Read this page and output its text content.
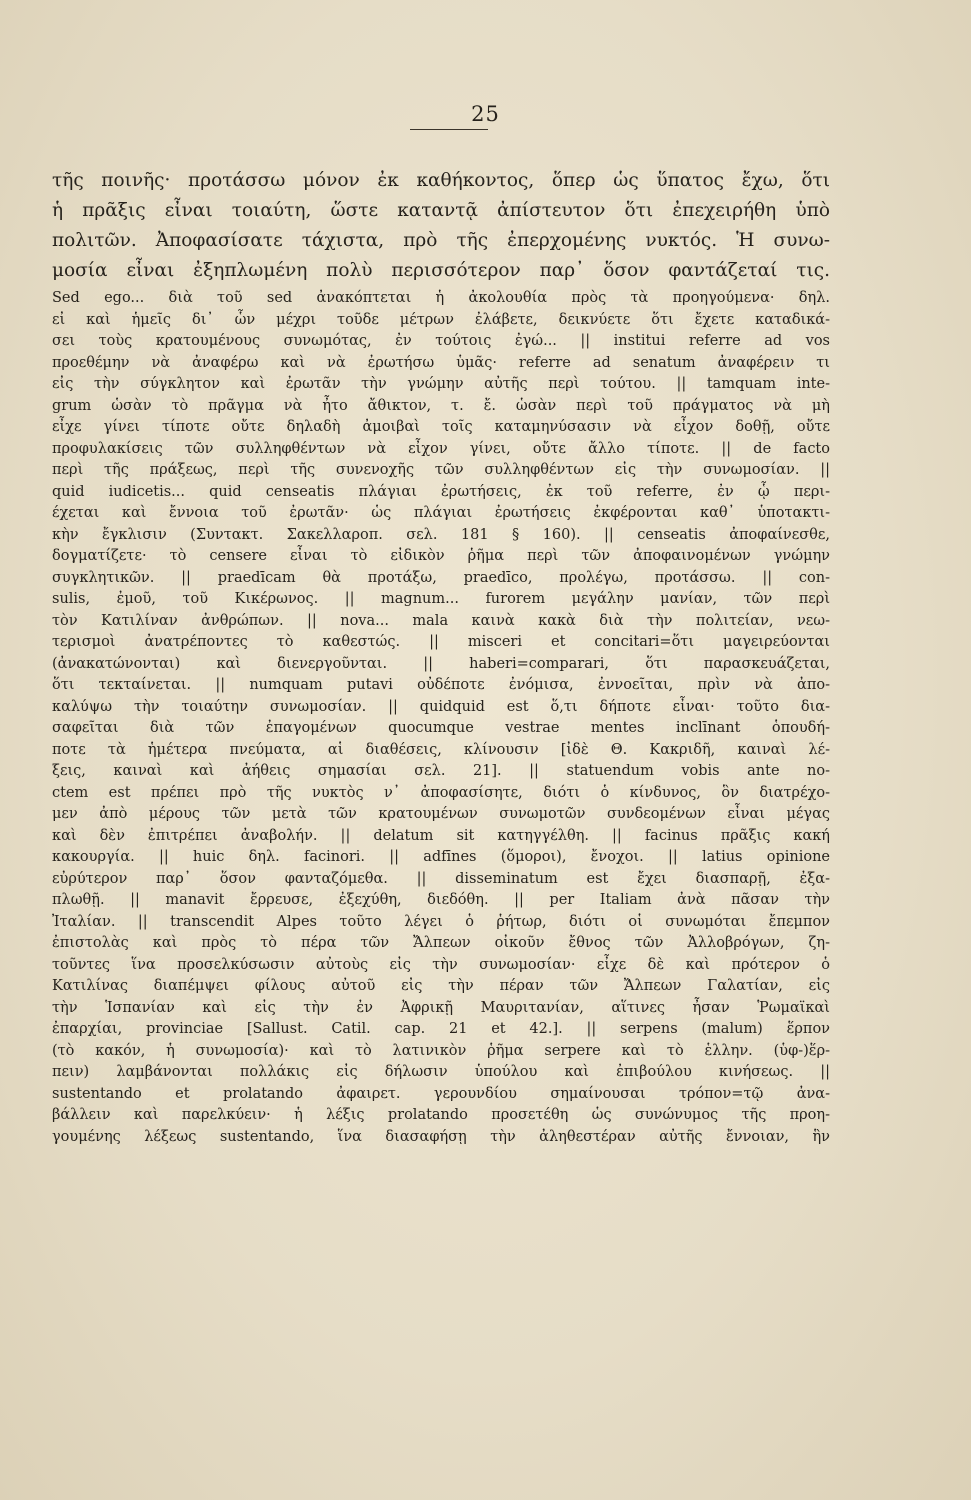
25
τῆς ποινῆς· προτάσσω μόνον ἐκ καθήκοντος, ὅπερ ὡς ὕπατος ἔχω, ὅτι
ἡ πρᾶξις εἶναι τοιαύτη, ὥστε καταντᾷ ἀπίστευτον ὅτι ἐπεχειρήθη ὑπὸ
πολιτῶν. Ἀποφασίσατε τάχιστα, πρὸ τῆς ἐπερχομένης νυκτός. Ἡ συνω-
μοσία εἶναι ἐξηπλωμένη πολὺ περισσότερον παρ᾽ ὅσον φαντάζεταί τις.
Sed ego... διὰ τοῦ sed ἀνακόπτεται ἡ ἀκολουθία πρὸς τὰ προηγούμενα· δηλ.
εἰ καὶ ἡμεῖς δι᾽ ὧν μέχρι τοῦδε μέτρων ἐλάβετε, δεικνύετε ὅτι ἔχετε καταδικά-
σει τοὺς κρατουμένους συνωμότας, ἐν τούτοις ἐγώ... || institui referre ad vos
προεθέμην νὰ ἀναφέρω καὶ νὰ ἐρωτήσω ὑμᾶς· referre ad senatum ἀναφέρειν τι
εἰς τὴν σύγκλητον καὶ ἐρωτᾶν τὴν γνώμην αὐτῆς περὶ τούτου. || tamquam inte-
grum ὡσὰν τὸ πρᾶγμα νὰ ἦτο ἄθικτον, τ. ἔ. ὡσὰν περὶ τοῦ πράγματος νὰ μὴ
εἶχε γίνει τίποτε οὔτε δηλαδὴ ἀμοιβαὶ τοῖς καταμηνύσασιν νὰ εἶχον δοθῇ, οὔτε
προφυλακίσεις τῶν συλληφθέντων νὰ εἶχον γίνει, οὔτε ἄλλο τίποτε. || de facto
περὶ τῆς πράξεως, περὶ τῆς συνενοχῆς τῶν συλληφθέντων εἰς τὴν συνωμοσίαν. ||
quid iudicetis... quid censeatis πλάγιαι ἐρωτήσεις, ἐκ τοῦ referre, ἐν ᾧ περι-
έχεται καὶ ἔννοια τοῦ ἐρωτᾶν· ὡς πλάγιαι ἐρωτήσεις ἐκφέρονται καθ᾽ ὑποτακτι-
κὴν ἔγκλισιν (Συντακτ. Σακελλαροπ. σελ. 181 § 160). || censeatis ἀποφαίνεσθε,
δογματίζετε· τὸ censere εἶναι τὸ εἰδικὸν ῥῆμα περὶ τῶν ἀποφαινομένων γνώμην
συγκλητικῶν. || praedīcam θὰ προτάξω, praedīco, προλέγω, προτάσσω. || con-
sulis, ἐμοῦ, τοῦ Κικέρωνος. || magnum... furorem μεγάλην μανίαν, τῶν περὶ
τὸν Κατιλίναν ἀνθρώπων. || nova... mala καινὰ κακὰ διὰ τὴν πολιτείαν, νεω-
τερισμοὶ ἀνατρέποντες τὸ καθεστώς. || misceri et concitari=ὅτι μαγειρεύονται
(ἀνακατώνονται) καὶ διενεργοῦνται. || haberi=comparari, ὅτι παρασκευάζεται,
ὅτι τεκταίνεται. || numquam putavi οὐδέποτε ἐνόμισα, ἐννοεῖται, πρὶν νὰ ἀπο-
καλύψω τὴν τοιαύτην συνωμοσίαν. || quidquid est ὅ,τι δήποτε εἶναι· τοῦτο δια-
σαφεῖται διὰ τῶν ἐπαγομένων quocumque vestrae mentes inclīnant ὁπουδή-
ποτε τὰ ἡμέτερα πνεύματα, αἱ διαθέσεις, κλίνουσιν [ἰδὲ Θ. Κακριδῆ, καιναὶ λέ-
ξεις, καιναὶ καὶ ἀήθεις σημασίαι σελ. 21]. || statuendum vobis ante no-
ctem est πρέπει πρὸ τῆς νυκτὸς ν᾽ ἀποφασίσητε, διότι ὁ κίνδυνος, ὃν διατρέχο-
μεν ἀπὸ μέρους τῶν μετὰ τῶν κρατουμένων συνωμοτῶν συνδεομένων εἶναι μέγας
καὶ δὲν ἐπιτρέπει ἀναβολήν. || delatum sit κατηγγέλθη. || facinus πρᾶξις κακή
κακουργία. || huic δηλ. facinori. || adfīnes (ὅμοροι), ἔνοχοι. || latius opinione
εὐρύτερον παρ᾽ ὅσον φανταζόμεθα. || disseminatum est ἔχει διασπαρῇ, ἐξα-
πλωθῇ. || manavit ἔρρευσε, ἐξεχύθη, διεδόθη. || per Italiam ἀνὰ πᾶσαν τὴν
Ἰταλίαν. || transcendit Alpes τοῦτο λέγει ὁ ῥήτωρ, διότι οἱ συνωμόται ἔπεμπον
ἐπιστολὰς καὶ πρὸς τὸ πέρα τῶν Ἄλπεων οἰκοῦν ἔθνος τῶν Ἀλλοβρόγων, ζη-
τοῦντες ἵνα προσελκύσωσιν αὐτοὺς εἰς τὴν συνωμοσίαν· εἶχε δὲ καὶ πρότερον ὁ
Κατιλίνας διαπέμψει φίλους αὐτοῦ εἰς τὴν πέραν τῶν Ἄλπεων Γαλατίαν, εἰς
τὴν Ἱσπανίαν καὶ εἰς τὴν ἐν Ἀφρικῇ Μαυριτανίαν, αἵτινες ἦσαν Ῥωμαϊκαὶ
ἐπαρχίαι, provinciae [Sallust. Catil. cap. 21 et 42.]. || serpens (malum) ἕρπον
(τὸ κακόν, ἡ συνωμοσία)· καὶ τὸ λατινικὸν ῥῆμα serpere καὶ τὸ ἑλλην. (ὑφ-)ἕρ-
πειν) λαμβάνονται πολλάκις εἰς δήλωσιν ὑπούλου καὶ ἐπιβούλου κινήσεως. ||
sustentando et prolatando ἀφαιρετ. γερουνδίου σημαίνουσαι τρόπον=τῷ ἀνα-
βάλλειν καὶ παρελκύειν· ἡ λέξις prolatando προσετέθη ὡς συνώνυμος τῆς προη-
γουμένης λέξεως sustentando, ἵνα διασαφήσῃ τὴν ἀληθεστέραν αὐτῆς ἔννοιαν, ἣν
